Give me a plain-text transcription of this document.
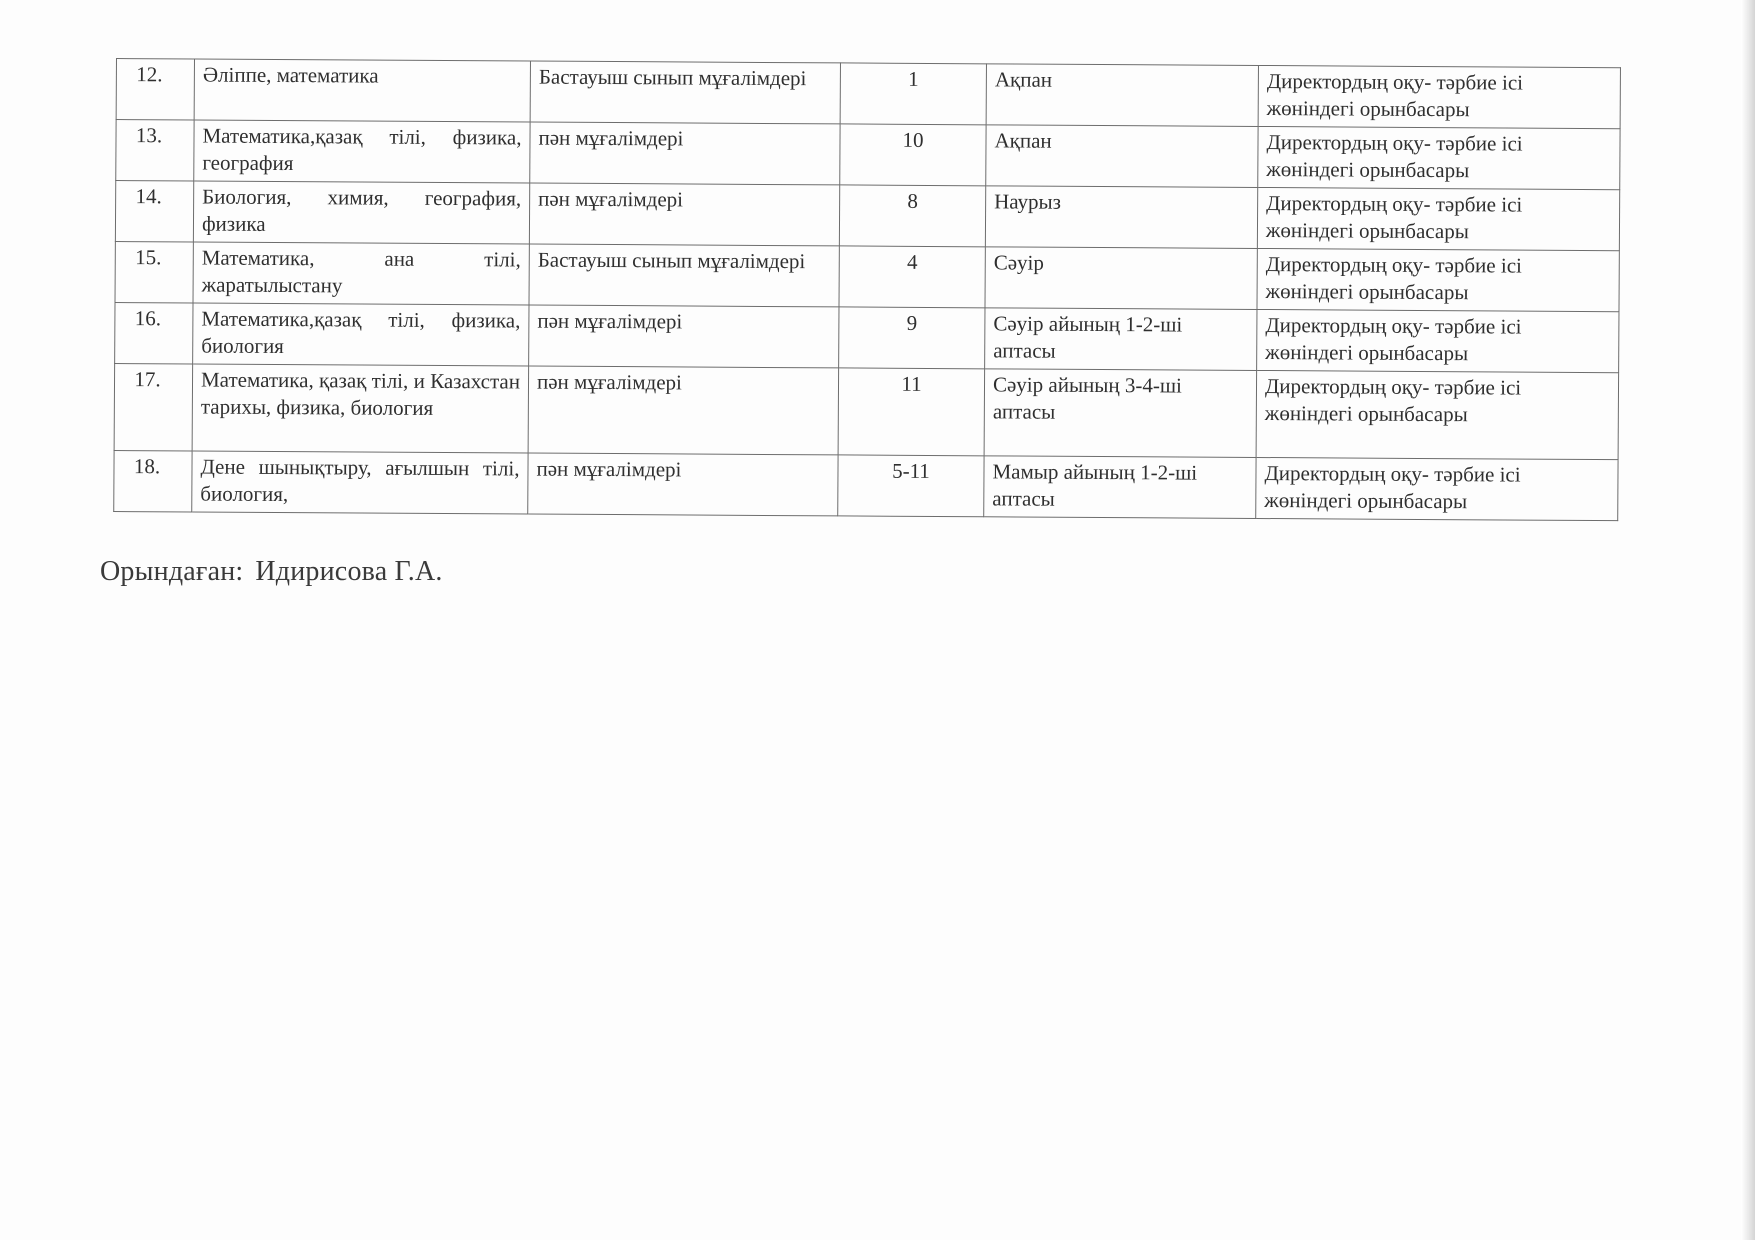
12.	Әліппе, математика	Бастауыш сынып мұғалімдері	1	Ақпан	Директордың оқу- тәрбие ісі жөніндегі орынбасары
13.	Математика,қазақ тілі, физика, география	пән мұғалімдері	10	Ақпан	Директордың оқу- тәрбие ісі жөніндегі орынбасары
14.	Биология, химия, география, физика	пән мұғалімдері	8	Наурыз	Директордың оқу- тәрбие ісі жөніндегі орынбасары
15.	Математика, ана тілі, жаратылыстану	Бастауыш сынып мұғалімдері	4	Сәуір	Директордың оқу- тәрбие ісі жөніндегі орынбасары
16.	Математика,қазақ тілі, физика, биология	пән мұғалімдері	9	Сәуір айының 1-2-ші аптасы	Директордың оқу- тәрбие ісі жөніндегі орынбасары
17.	Математика, қазақ тілі, и Казахстан тарихы, физика, биология	пән мұғалімдері	11	Сәуір айының 3-4-ші аптасы	Директордың оқу- тәрбие ісі жөніндегі орынбасары
18.	Дене шынықтыру, ағылшын тілі, биология,	пән мұғалімдері	5-11	Мамыр айының 1-2-ші аптасы	Директордың оқу- тәрбие ісі жөніндегі орынбасары
Орындаған: Идирисова Г.А.
